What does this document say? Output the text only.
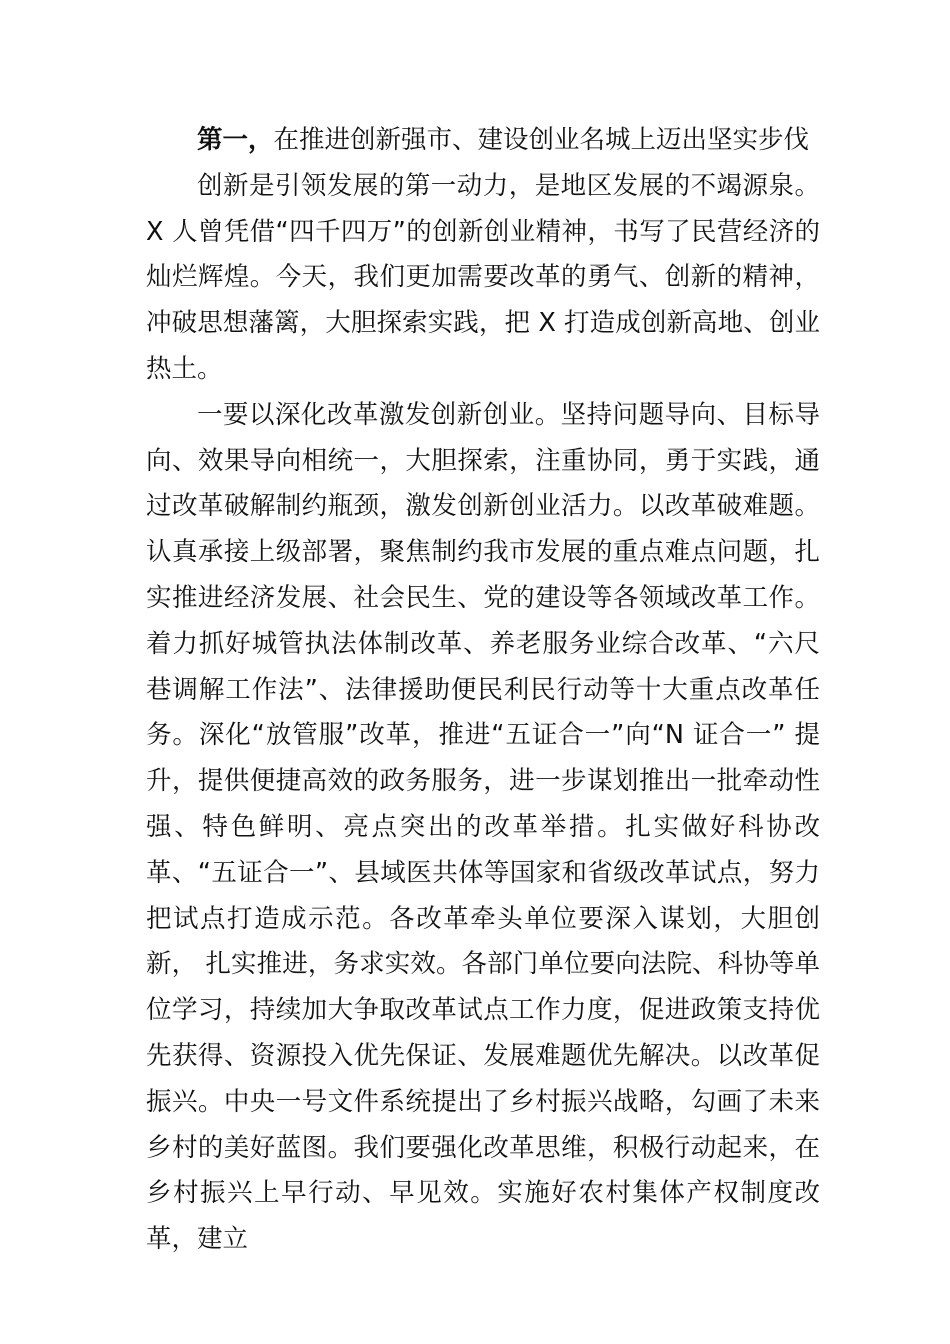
第一，在推进创新强市、建设创业名城上迈出坚实步伐

创新是引领发展的第一动力，是地区发展的不竭源泉。X 人曾凭借“四千四万”的创新创业精神，书写了民营经济的灿烂辉煌。今天，我们更加需要改革的勇气、创新的精神， 冲破思想藩篱，大胆探索实践，把 X 打造成创新高地、创业热土。

一要以深化改革激发创新创业。坚持问题导向、目标导向、效果导向相统一，大胆探索，注重协同，勇于实践，通过改革破解制约瓶颈，激发创新创业活力。以改革破难题。认真承接上级部署，聚焦制约我市发展的重点难点问题，扎实推进经济发展、社会民生、党的建设等各领域改革工作。着力抓好城管执法体制改革、养老服务业综合改革、“六尺巷调解工作法”、法律援助便民利民行动等十大重点改革任务。深化“放管服”改革，推进“五证合一”向“N 证合一” 提升，提供便捷高效的政务服务，进一步谋划推出一批牵动性强、特色鲜明、亮点突出的改革举措。扎实做好科协改革、“五证合一”、县域医共体等国家和省级改革试点，努力把试点打造成示范。各改革牵头单位要深入谋划，大胆创新， 扎实推进，务求实效。各部门单位要向法院、科协等单位学习，持续加大争取改革试点工作力度，促进政策支持优先获得、资源投入优先保证、发展难题优先解决。以改革促振兴。中央一号文件系统提出了乡村振兴战略，勾画了未来乡村的美好蓝图。我们要强化改革思维，积极行动起来，在乡村振兴上早行动、早见效。实施好农村集体产权制度改革，建立
